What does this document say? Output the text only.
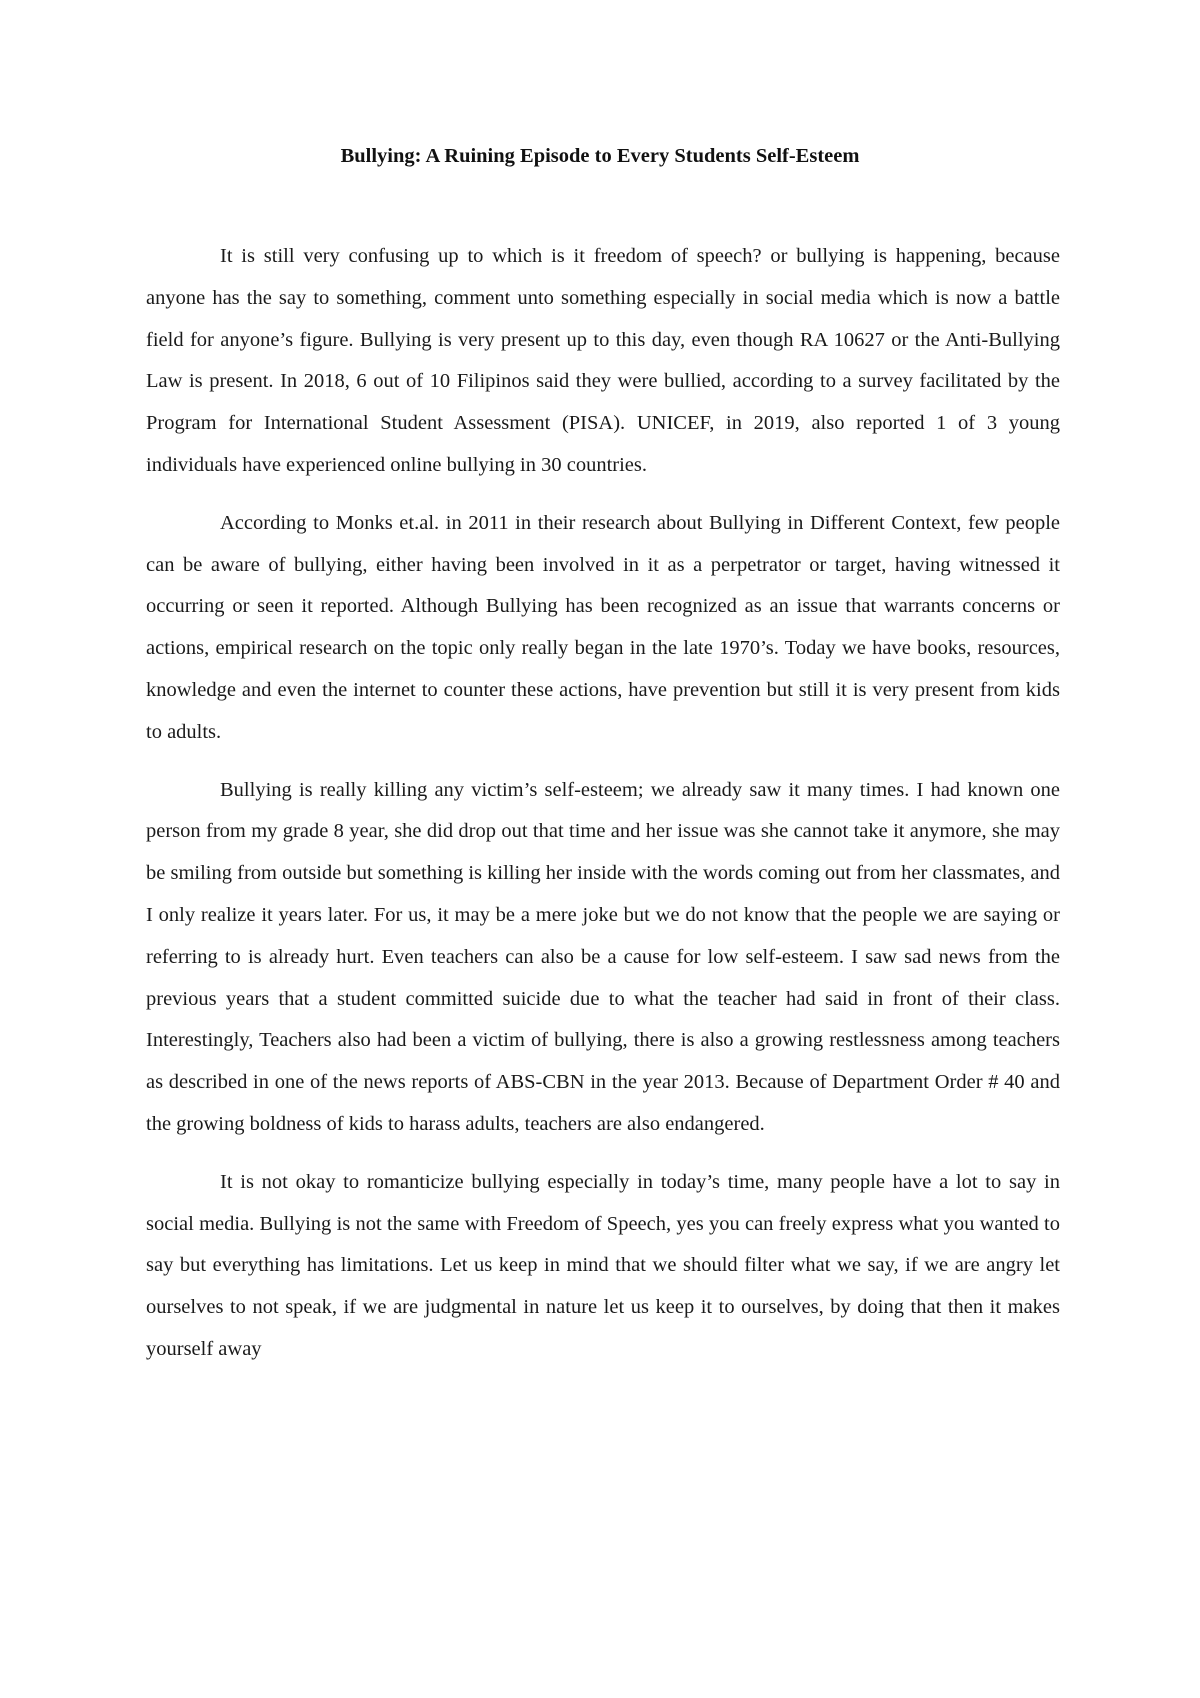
Bullying: A Ruining Episode to Every Students Self-Esteem

It is still very confusing up to which is it freedom of speech? or bullying is happening, because anyone has the say to something, comment unto something especially in social media which is now a battle field for anyone’s figure. Bullying is very present up to this day, even though RA 10627 or the Anti-Bullying Law is present. In 2018, 6 out of 10 Filipinos said they were bullied, according to a survey facilitated by the Program for International Student Assessment (PISA). UNICEF, in 2019, also reported 1 of 3 young individuals have experienced online bullying in 30 countries.

According to Monks et.al. in 2011 in their research about Bullying in Different Context, few people can be aware of bullying, either having been involved in it as a perpetrator or target, having witnessed it occurring or seen it reported. Although Bullying has been recognized as an issue that warrants concerns or actions, empirical research on the topic only really began in the late 1970’s. Today we have books, resources, knowledge and even the internet to counter these actions, have prevention but still it is very present from kids to adults.

Bullying is really killing any victim’s self-esteem; we already saw it many times. I had known one person from my grade 8 year, she did drop out that time and her issue was she cannot take it anymore, she may be smiling from outside but something is killing her inside with the words coming out from her classmates, and I only realize it years later. For us, it may be a mere joke but we do not know that the people we are saying or referring to is already hurt. Even teachers can also be a cause for low self-esteem. I saw sad news from the previous years that a student committed suicide due to what the teacher had said in front of their class. Interestingly, Teachers also had been a victim of bullying, there is also a growing restlessness among teachers as described in one of the news reports of ABS-CBN in the year 2013. Because of Department Order # 40 and the growing boldness of kids to harass adults, teachers are also endangered.

It is not okay to romanticize bullying especially in today’s time, many people have a lot to say in social media. Bullying is not the same with Freedom of Speech, yes you can freely express what you wanted to say but everything has limitations. Let us keep in mind that we should filter what we say, if we are angry let ourselves to not speak, if we are judgmental in nature let us keep it to ourselves, by doing that then it makes yourself away
